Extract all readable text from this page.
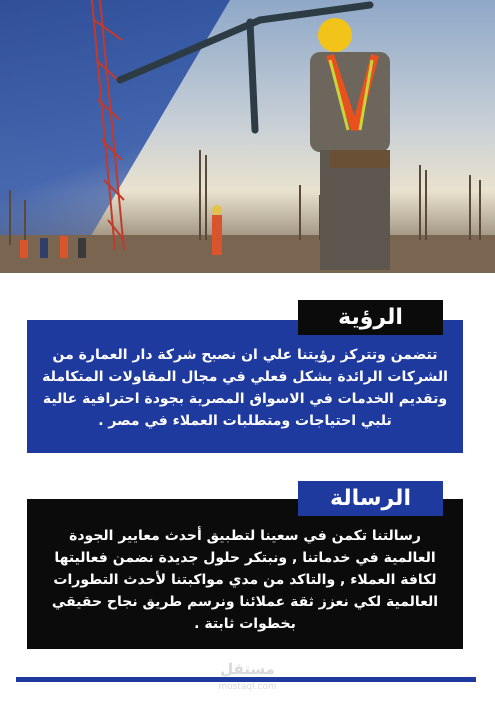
تتضمن وتتركز رؤيتنا علي ان نصبح شركة دار العمارة من الشركات الرائدة بشكل فعلي في مجال المقاولات المتكاملة وتقديم الخدمات في الاسواق المصرية بجودة احترافية عالية تلبي احتياجات ومتطلبات العملاء في مصر .
الرؤية
رسالتنا تكمن في سعينا لتطبيق أحدث معايير الجودة العالمية في خدماتنا , ونبتكر حلول جديدة نضمن فعاليتها لكافة العملاء , والتاكد من مدي مواكبتنا لأحدث التطورات العالمية لكي نعزز ثقة عملائنا ونرسم طريق نجاح حقيقي بخطوات ثابتة .
الرسالة
مستقل
mostaql.com
